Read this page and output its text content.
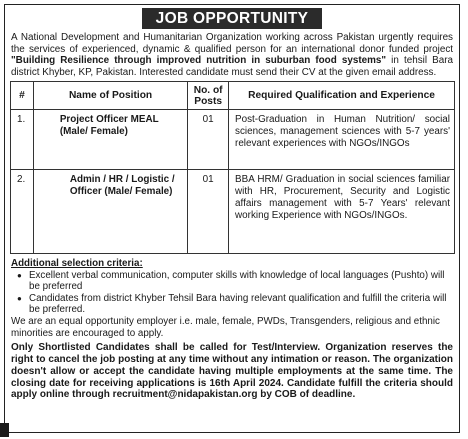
JOB OPPORTUNITY
A National Development and Humanitarian Organization working across Pakistan urgently requires the services of experienced, dynamic & qualified person for an international donor funded project "Building Resilience through improved nutrition in suburban food systems" in tehsil Bara district Khyber, KP, Pakistan. Interested candidate must send their CV at the given email address.
#	Name of Position	No. of Posts	Required Qualification and Experience
1.	Project Officer MEAL (Male/ Female)	01	Post-Graduation in Human Nutrition/ social sciences, management sciences with 5-7 years' relevant experiences with NGOs/INGOs
2.	Admin / HR / Logistic / Officer (Male/ Female)	01	BBA HRM/ Graduation in social sciences familiar with HR, Procurement, Security and Logistic affairs management with 5-7 Years' relevant working Experience with NGOs/INGOs.
Additional selection criteria:
● Excellent verbal communication, computer skills with knowledge of local languages (Pushto) will be preferred
● Candidates from district Khyber Tehsil Bara having relevant qualification and fulfill the criteria will be preferred.
We are an equal opportunity employer i.e. male, female, PWDs, Transgenders, religious and ethnic minorities are encouraged to apply.
Only Shortlisted Candidates shall be called for Test/Interview. Organization reserves the right to cancel the job posting at any time without any intimation or reason. The organization doesn't allow or accept the candidate having multiple employments at the same time. The closing date for receiving applications is 16th April 2024. Candidate fulfill the criteria should apply online through recruitment@nidapakistan.org by COB of deadline.
